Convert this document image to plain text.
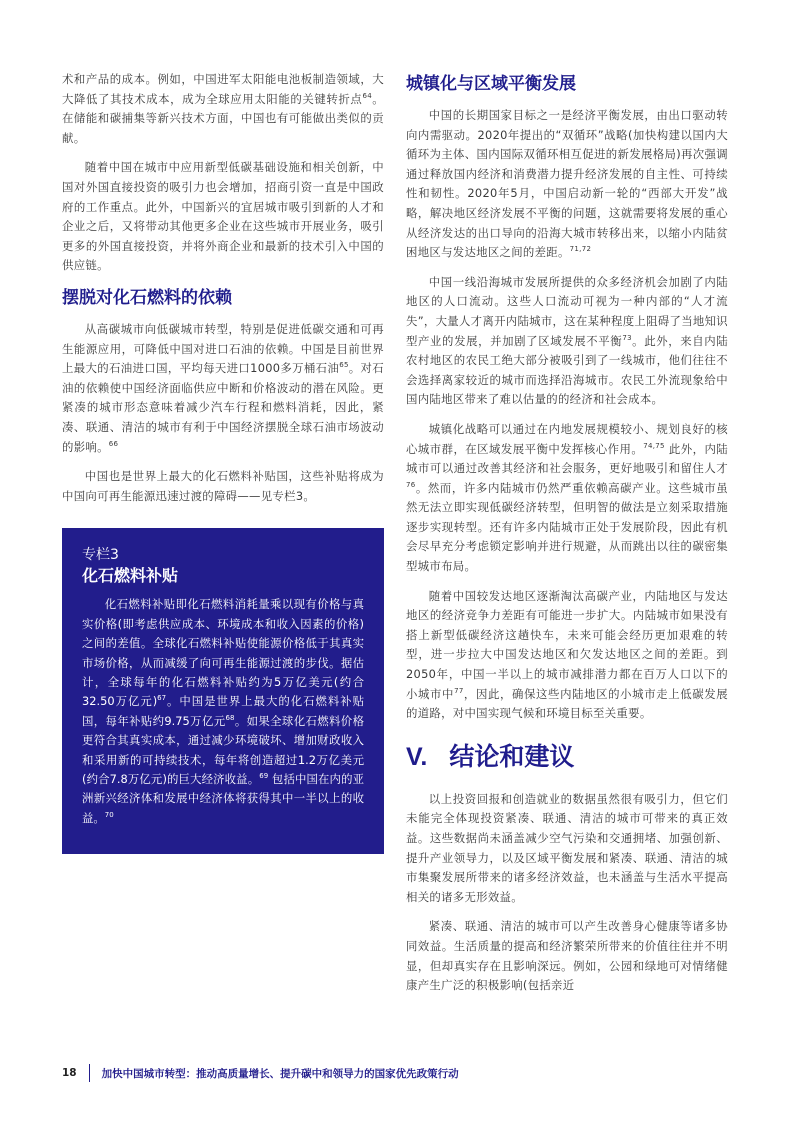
术和产品的成本。例如，中国进军太阳能电池板制造领域，大大降低了其技术成本，成为全球应用太阳能的关键转折点$^{64}$。在储能和碳捕集等新兴技术方面，中国也有可能做出类似的贡献。

随着中国在城市中应用新型低碳基础设施和相关创新，中国对外国直接投资的吸引力也会增加，招商引资一直是中国政府的工作重点。此外，中国新兴的宜居城市吸引到新的人才和企业之后，又将带动其他更多企业在这些城市开展业务，吸引更多的外国直接投资，并将外商企业和最新的技术引入中国的供应链。

摆脱对化石燃料的依赖

从高碳城市向低碳城市转型，特别是促进低碳交通和可再生能源应用，可降低中国对进口石油的依赖。中国是目前世界上最大的石油进口国，平均每天进口1000多万桶石油$^{65}$。对石油的依赖使中国经济面临供应中断和价格波动的潜在风险。更紧凑的城市形态意味着减少汽车行程和燃料消耗，因此，紧凑、联通、清洁的城市有利于中国经济摆脱全球石油市场波动的影响。$^{66}$

中国也是世界上最大的化石燃料补贴国，这些补贴将成为中国向可再生能源迅速过渡的障碍——见专栏3。

专栏3
化石燃料补贴

化石燃料补贴即化石燃料消耗量乘以现有价格与真实价格(即考虑供应成本、环境成本和收入因素的价格)之间的差值。全球化石燃料补贴使能源价格低于其真实市场价格，从而减缓了向可再生能源过渡的步伐。据估计，全球每年的化石燃料补贴约为5万亿美元(约合32.50万亿元)$^{67}$。中国是世界上最大的化石燃料补贴国，每年补贴约9.75万亿元$^{68}$。如果全球化石燃料价格更符合其真实成本，通过减少环境破坏、增加财政收入和采用新的可持续技术，每年将创造超过1.2万亿美元(约合7.8万亿元)的巨大经济收益。$^{69}$ 包括中国在内的亚洲新兴经济体和发展中经济体将获得其中一半以上的收益。$^{70}$

城镇化与区域平衡发展

中国的长期国家目标之一是经济平衡发展，由出口驱动转向内需驱动。2020年提出的“双循环”战略(加快构建以国内大循环为主体、国内国际双循环相互促进的新发展格局)再次强调通过释放国内经济和消费潜力提升经济发展的自主性、可持续性和韧性。2020年5月，中国启动新一轮的“西部大开发”战略，解决地区经济发展不平衡的问题，这就需要将发展的重心从经济发达的出口导向的沿海大城市转移出来，以缩小内陆贫困地区与发达地区之间的差距。$^{71,72}$

中国一线沿海城市发展所提供的众多经济机会加剧了内陆地区的人口流动。这些人口流动可视为一种内部的“人才流失”，大量人才离开内陆城市，这在某种程度上阻碍了当地知识型产业的发展，并加剧了区域发展不平衡$^{73}$。此外，来自内陆农村地区的农民工绝大部分被吸引到了一线城市，他们往往不会选择离家较近的城市而选择沿海城市。农民工外流现象给中国内陆地区带来了难以估量的的经济和社会成本。

城镇化战略可以通过在内地发展规模较小、规划良好的核心城市群，在区域发展平衡中发挥核心作用。$^{74,75}$ 此外，内陆城市可以通过改善其经济和社会服务，更好地吸引和留住人才$^{76}$。然而，许多内陆城市仍然严重依赖高碳产业。这些城市虽然无法立即实现低碳经济转型，但明智的做法是立刻采取措施逐步实现转型。还有许多内陆城市正处于发展阶段，因此有机会尽早充分考虑锁定影响并进行规避，从而跳出以往的碳密集型城市布局。

随着中国较发达地区逐渐淘汰高碳产业，内陆地区与发达地区的经济竞争力差距有可能进一步扩大。内陆城市如果没有搭上新型低碳经济这趟快车，未来可能会经历更加艰难的转型，进一步拉大中国发达地区和欠发达地区之间的差距。到2050年，中国一半以上的城市减排潜力都在百万人口以下的小城市中$^{77}$，因此，确保这些内陆地区的小城市走上低碳发展的道路，对中国实现气候和环境目标至关重要。

V. 结论和建议

以上投资回报和创造就业的数据虽然很有吸引力，但它们未能完全体现投资紧凑、联通、清洁的城市可带来的真正效益。这些数据尚未涵盖减少空气污染和交通拥堵、加强创新、提升产业领导力，以及区域平衡发展和紧凑、联通、清洁的城市集聚发展所带来的诸多经济效益，也未涵盖与生活水平提高相关的诸多无形效益。

紧凑、联通、清洁的城市可以产生改善身心健康等诸多协同效益。生活质量的提高和经济繁荣所带来的价值往往并不明显，但却真实存在且影响深远。例如，公园和绿地可对情绪健康产生广泛的积极影响(包括亲近

18 加快中国城市转型：推动高质量增长、提升碳中和领导力的国家优先政策行动
